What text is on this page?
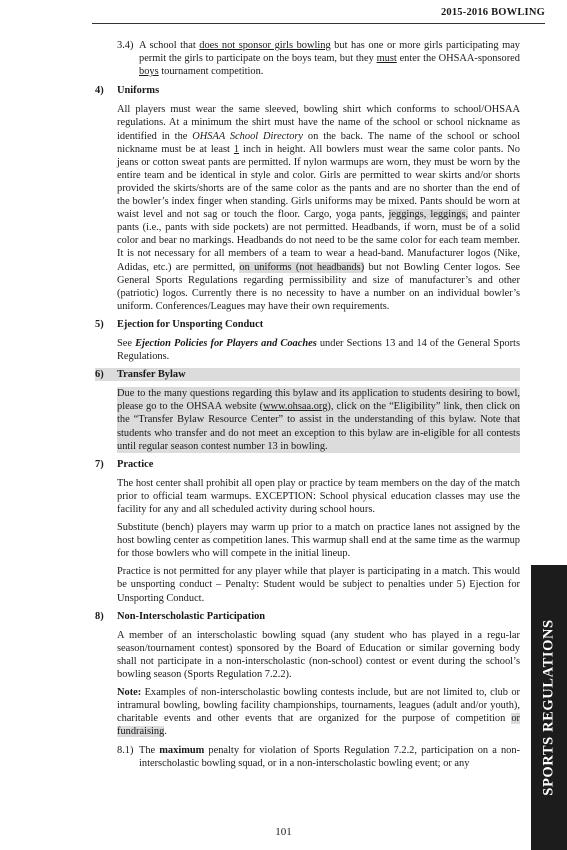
2015-2016 BOWLING
3.4) A school that does not sponsor girls bowling but has one or more girls participating may permit the girls to participate on the boys team, but they must enter the OHSAA-sponsored boys tournament competition.

4)	Uniforms

All players must wear the same sleeved, bowling shirt which conforms to school/OHSAA regulations. At a minimum the shirt must have the name of the school or school nickname as identified in the OHSAA School Directory on the back. The name of the school or school nickname must be at least 1 inch in height. All bowlers must wear the same color pants. No jeans or cotton sweat pants are permitted. If nylon warmups are worn, they must be worn by the entire team and be identical in style and color. Girls are permitted to wear skirts and/or shorts provided the skirts/shorts are of the same color as the pants and are no shorter than the end of the bowler’s index finger when standing. Girls uniforms may be mixed. Pants should be worn at waist level and not sag or touch the floor. Cargo, yoga pants, jeggings, leggings, and painter pants (i.e., pants with side pockets) are not permitted. Headbands, if worn, must be of a solid color and bear no markings. Headbands do not need to be the same color for each team member. It is not necessary for all members of a team to wear a head-band. Manufacturer logos (Nike, Adidas, etc.) are permitted, on uniforms (not headbands) but not Bowling Center logos. See General Sports Regulations regarding permissibility and size of manufacturer’s and other (patriotic) logos. Currently there is no necessity to have a number on an individual bowler’s uniform. Conferences/Leagues may have their own requirements.

5)	Ejection for Unsporting Conduct

See Ejection Policies for Players and Coaches under Sections 13 and 14 of the General Sports Regulations.

6)	Transfer Bylaw

Due to the many questions regarding this bylaw and its application to students desiring to bowl, please go to the OHSAA website (www.ohsaa.org), click on the “Eligibility” link, then click on the “Transfer Bylaw Resource Center” to assist in the understanding of this bylaw. Note that students who transfer and do not meet an exception to this bylaw are in-eligible for all contests until regular season contest number 13 in bowling.

7)	Practice

The host center shall prohibit all open play or practice by team members on the day of the match prior to official team warmups. EXCEPTION: School physical education classes may use the facility for any and all scheduled activity during school hours.

Substitute (bench) players may warm up prior to a match on practice lanes not assigned by the host bowling center as competition lanes. This warmup shall end at the same time as the warmup for those bowlers who will compete in the initial lineup.

Practice is not permitted for any player while that player is participating in a match. This would be unsporting conduct – Penalty: Student would be subject to penalties under 5) Ejection for Unsporting Conduct.

8)	Non-Interscholastic Participation

A member of an interscholastic bowling squad (any student who has played in a regu-lar season/tournament contest) sponsored by the Board of Education or similar governing body shall not participate in a non-interscholastic (non-school) contest or event during the school’s bowling season (Sports Regulation 7.2.2).

Note: Examples of non-interscholastic bowling contests include, but are not limited to, club or intramural bowling, bowling facility championships, tournaments, leagues (adult and/or youth), charitable events and other events that are organized for the purpose of competition or fundraising.

8.1) The maximum penalty for violation of Sports Regulation 7.2.2, participation on a non-interscholastic bowling squad, or in a non-interscholastic bowling event; or any	SPORTS REGULATIONS
101
